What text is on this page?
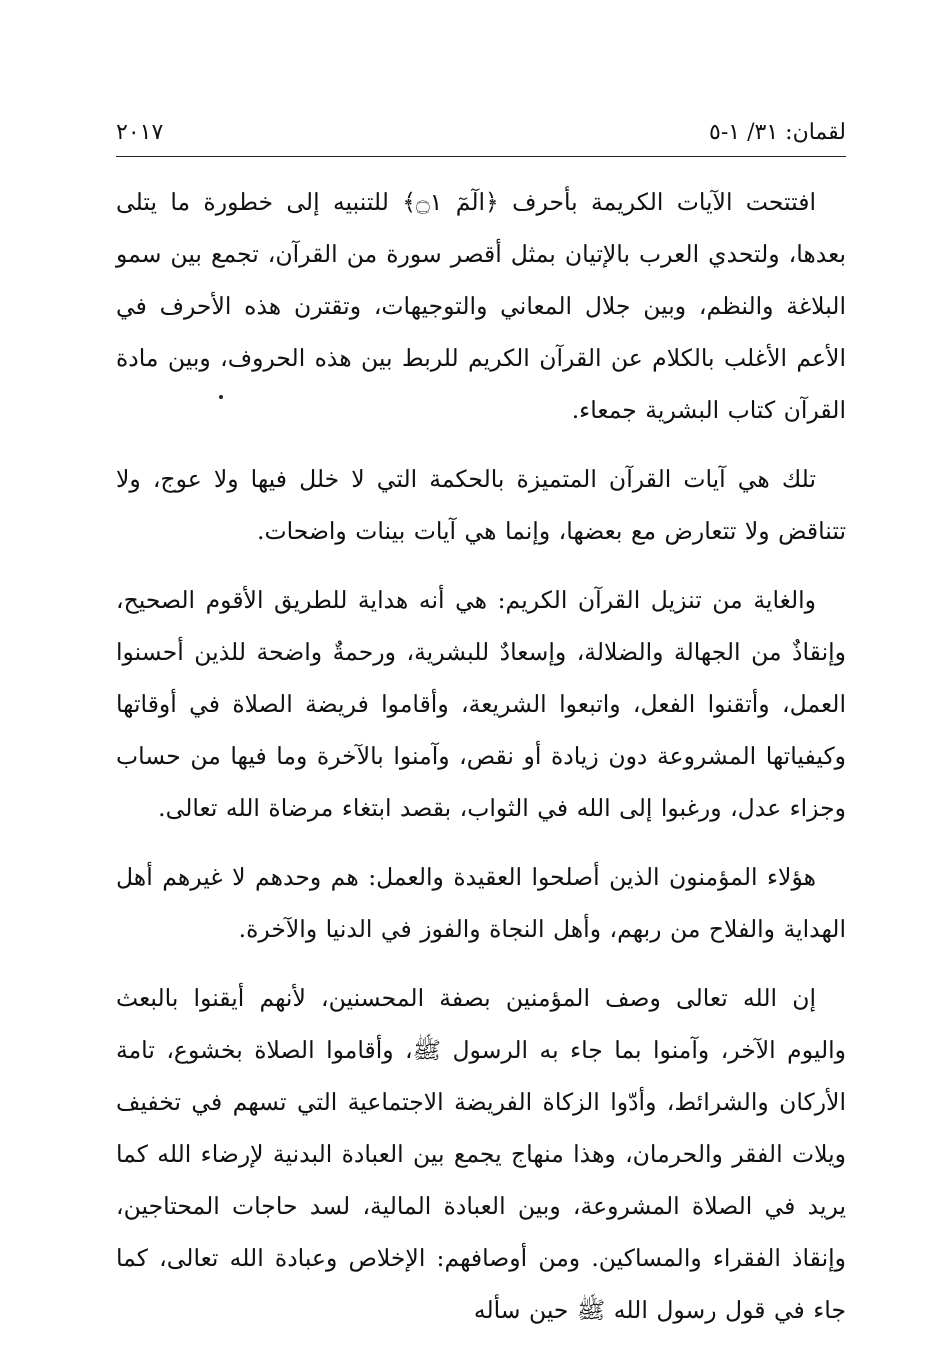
لقمان: ٣١/ ١-٥
٢٠١٧

افتتحت الآيات الكريمة بأحرف ﴿الٓمٓ ۝١﴾ للتنبيه إلى خطورة ما يتلى بعدها، ولتحدي العرب بالإتيان بمثل أقصر سورة من القرآن، تجمع بين سمو البلاغة والنظم، وبين جلال المعاني والتوجيهات، وتقترن هذه الأحرف في الأعم الأغلب بالكلام عن القرآن الكريم للربط بين هذه الحروف، وبين مادة القرآن كتاب البشرية جمعاء.

تلك هي آيات القرآن المتميزة بالحكمة التي لا خلل فيها ولا عوج، ولا تتناقض ولا تتعارض مع بعضها، وإنما هي آيات بينات واضحات.

والغاية من تنزيل القرآن الكريم: هي أنه هداية للطريق الأقوم الصحيح، وإنقاذٌ من الجهالة والضلالة، وإسعادٌ للبشرية، ورحمةٌ واضحة للذين أحسنوا العمل، وأتقنوا الفعل، واتبعوا الشريعة، وأقاموا فريضة الصلاة في أوقاتها وكيفياتها المشروعة دون زيادة أو نقص، وآمنوا بالآخرة وما فيها من حساب وجزاء عدل، ورغبوا إلى الله في الثواب، بقصد ابتغاء مرضاة الله تعالى.

هؤلاء المؤمنون الذين أصلحوا العقيدة والعمل: هم وحدهم لا غيرهم أهل الهداية والفلاح من ربهم، وأهل النجاة والفوز في الدنيا والآخرة.

إن الله تعالى وصف المؤمنين بصفة المحسنين، لأنهم أيقنوا بالبعث واليوم الآخر، وآمنوا بما جاء به الرسول ﷺ، وأقاموا الصلاة بخشوع، تامة الأركان والشرائط، وأدّوا الزكاة الفريضة الاجتماعية التي تسهم في تخفيف ويلات الفقر والحرمان، وهذا منهاج يجمع بين العبادة البدنية لإرضاء الله كما يريد في الصلاة المشروعة، وبين العبادة المالية، لسد حاجات المحتاجين، وإنقاذ الفقراء والمساكين. ومن أوصافهم: الإخلاص وعبادة الله تعالى، كما جاء في قول رسول الله ﷺ حين سأله
